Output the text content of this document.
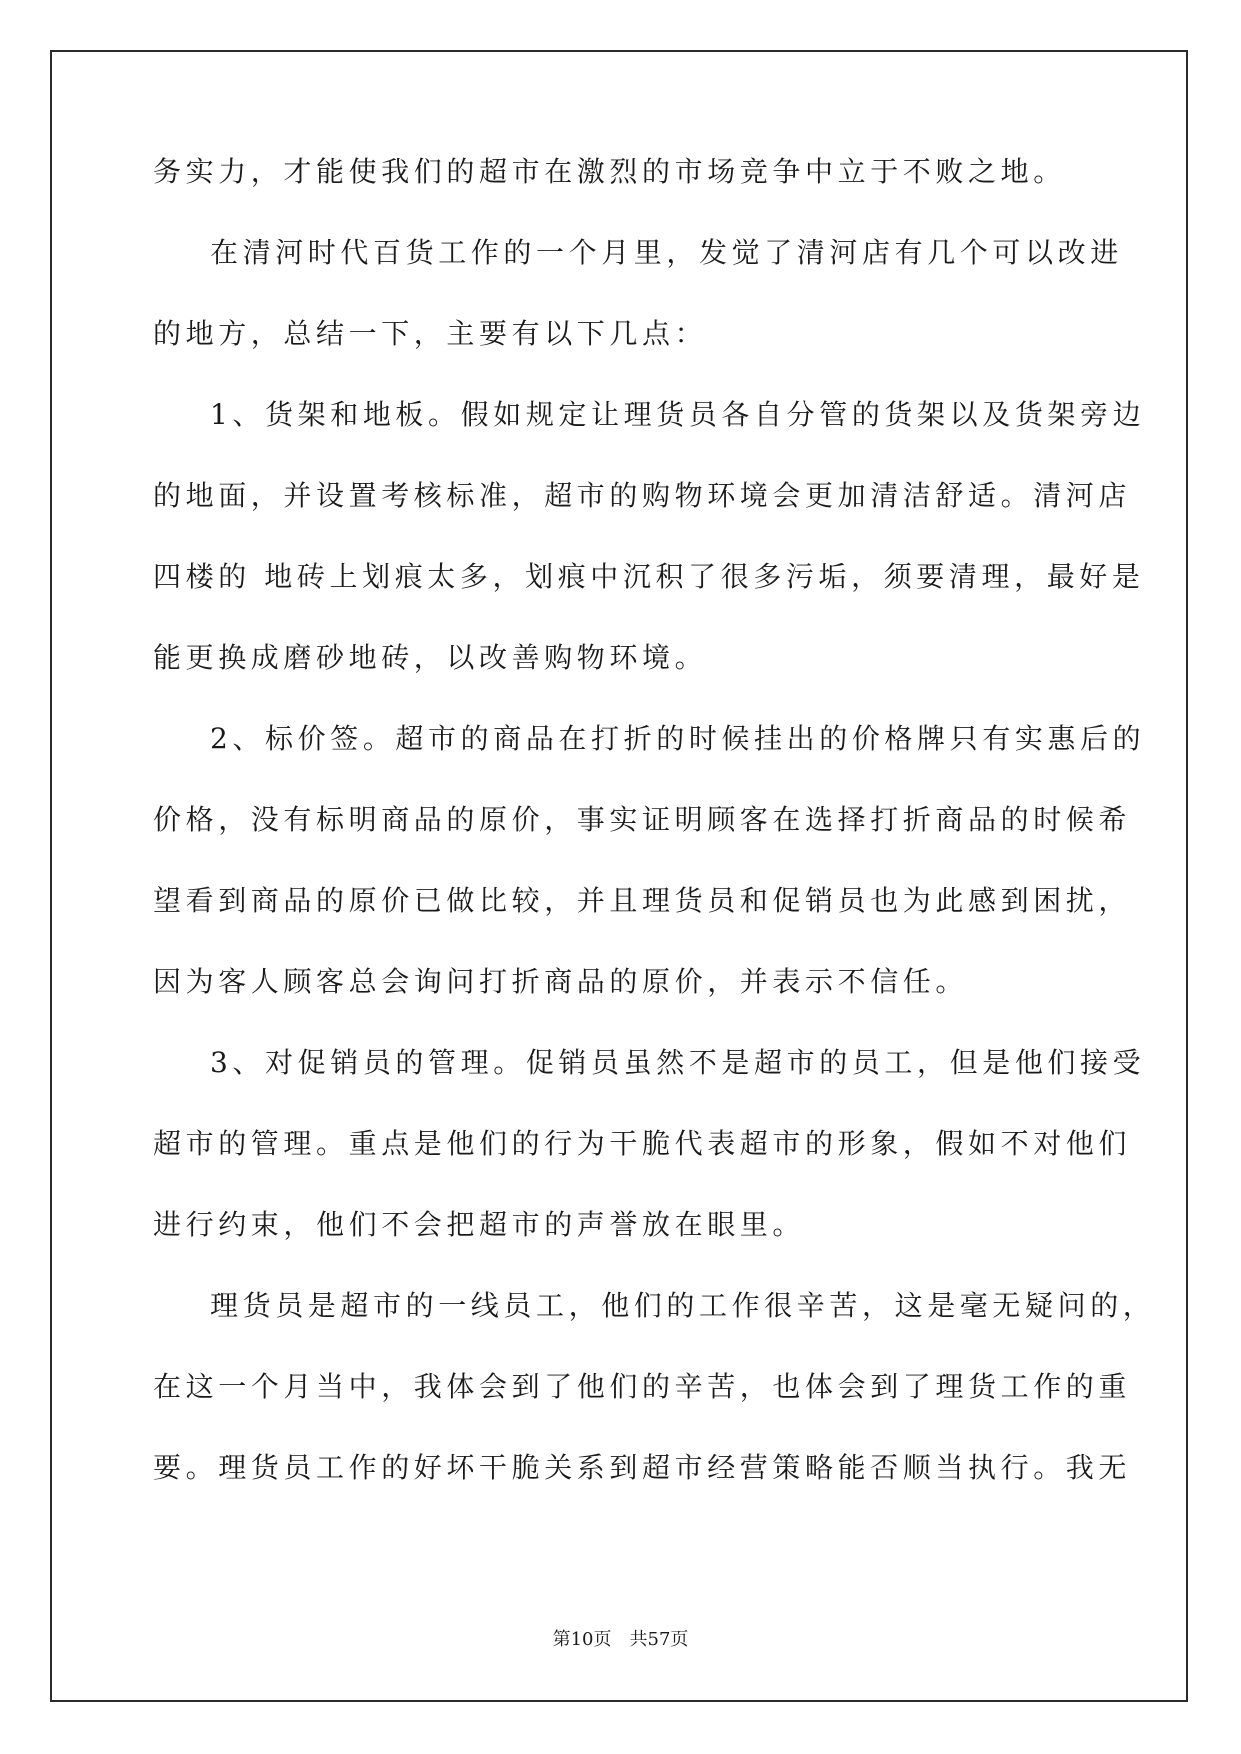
务实力，才能使我们的超市在激烈的市场竞争中立于不败之地。
在清河时代百货工作的一个月里，发觉了清河店有几个可以改进
的地方，总结一下，主要有以下几点：
1、货架和地板。假如规定让理货员各自分管的货架以及货架旁边
的地面，并设置考核标准，超市的购物环境会更加清洁舒适。清河店
四楼的 地砖上划痕太多，划痕中沉积了很多污垢，须要清理，最好是
能更换成磨砂地砖，以改善购物环境。
2、标价签。超市的商品在打折的时候挂出的价格牌只有实惠后的
价格，没有标明商品的原价，事实证明顾客在选择打折商品的时候希
望看到商品的原价已做比较，并且理货员和促销员也为此感到困扰，
因为客人顾客总会询问打折商品的原价，并表示不信任。
3、对促销员的管理。促销员虽然不是超市的员工，但是他们接受
超市的管理。重点是他们的行为干脆代表超市的形象，假如不对他们
进行约束，他们不会把超市的声誉放在眼里。
理货员是超市的一线员工，他们的工作很辛苦，这是毫无疑问的，
在这一个月当中，我体会到了他们的辛苦，也体会到了理货工作的重
要。理货员工作的好坏干脆关系到超市经营策略能否顺当执行。我无
第10页　共57页
